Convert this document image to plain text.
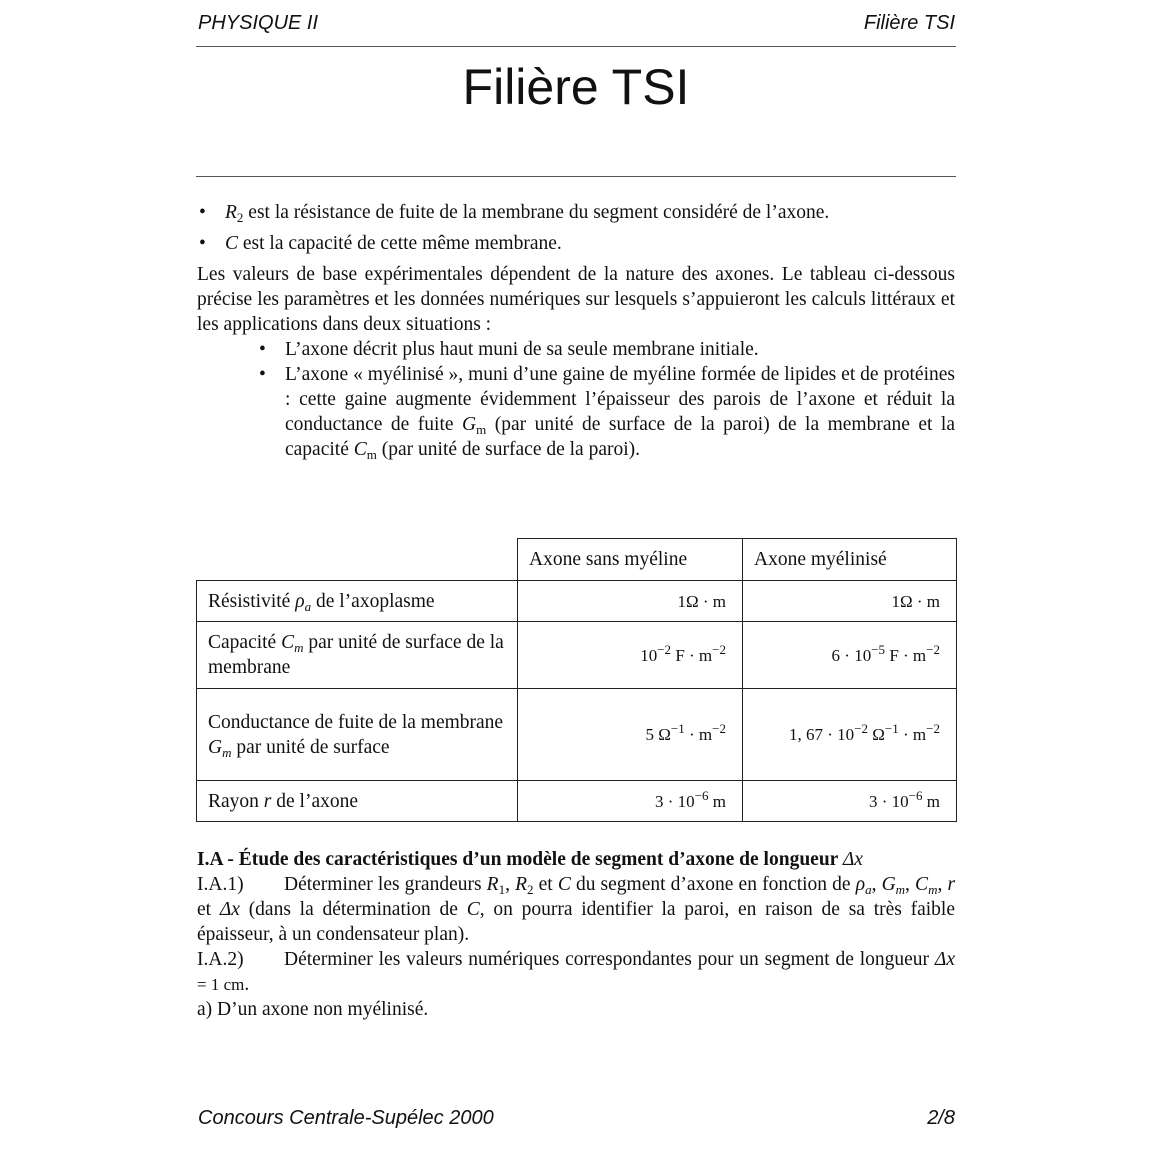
PHYSIQUE II	Filière TSI
Filière TSI
• $R_2$ est la résistance de fuite de la membrane du segment considéré de l’axone.
• C est la capacité de cette même membrane.

Les valeurs de base expérimentales dépendent de la nature des axones. Le tableau ci-dessous précise les paramètres et les données numériques sur lesquels s’appuieront les calculs littéraux et les applications dans deux situations :

• L’axone décrit plus haut muni de sa seule membrane initiale.
• L’axone « myélinisé », muni d’une gaine de myéline formée de lipides et de protéines : cette gaine augmente évidemment l’épaisseur des parois de l’axone et réduit la conductance de fuite $G_m$ (par unité de surface de la paroi) de la membrane et la capacité $C_m$ (par unité de surface de la paroi).
	Axone sans myéline	Axone myélinisé
Résistivité $\rho_a$ de l’axoplasme	1Ω · m	1Ω · m
Capacité $C_m$ par unité de surface de la membrane	$10^{-2}$ $F \cdot m^{-2}$	$6 \cdot 10^{-5}$ $F \cdot m^{-2}$
Conductance de fuite de la membrane $G_m$ par unité de surface	5 $\Omega^{-1} \cdot m^{-2}$	1, $67 \cdot 10^{-2}$ $\Omega^{-1} \cdot m^{-2}$
Rayon r de l’axone	$3 \cdot 10^{-6}$ m	$3 \cdot 10^{-6}$ m

I.A - Étude des caractéristiques d’un modèle de segment d’axone de longueur Δx

I.A.1) Déterminer les grandeurs $R_1$, $R_2$ et C du segment d’axone en fonction de $\rho_a$, $G_m$, $C_m$, r et Δx (dans la détermination de C, on pourra identifier la paroi, en raison de sa très faible épaisseur, à un condensateur plan).

I.A.2) Déterminer les valeurs numériques correspondantes pour un segment de longueur Δx = 1 cm.

a) D’un axone non myélinisé.

Concours Centrale-Supélec 2000	2/8
